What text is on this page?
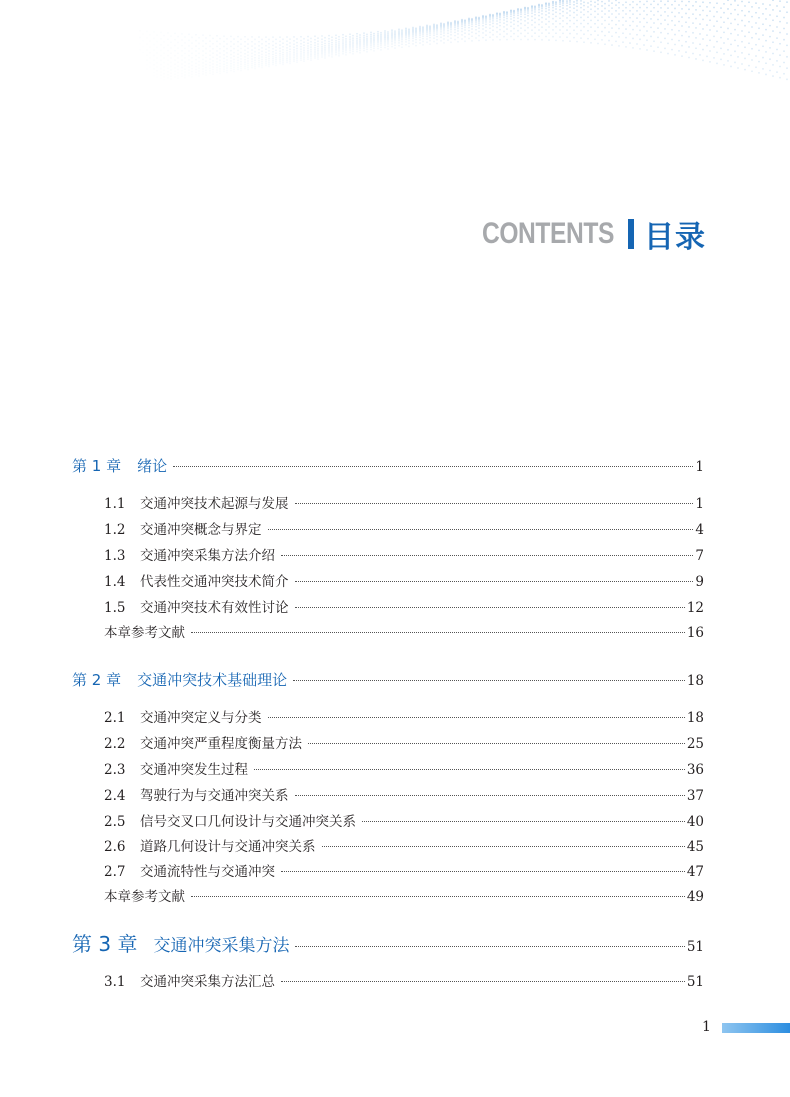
CONTENTS 目录
第 1 章 绪论	1
1.1	交通冲突技术起源与发展	1
1.2	交通冲突概念与界定	4
1.3	交通冲突采集方法介绍	7
1.4	代表性交通冲突技术简介	9
1.5	交通冲突技术有效性讨论	12
本章参考文献	16
第 2 章 交通冲突技术基础理论	18
2.1	交通冲突定义与分类	18
2.2	交通冲突严重程度衡量方法	25
2.3	交通冲突发生过程	36
2.4	驾驶行为与交通冲突关系	37
2.5	信号交叉口几何设计与交通冲突关系	40
2.6	道路几何设计与交通冲突关系	45
2.7	交通流特性与交通冲突	47
本章参考文献	49
第 3 章 交通冲突采集方法	51
3.1	交通冲突采集方法汇总	51
1
